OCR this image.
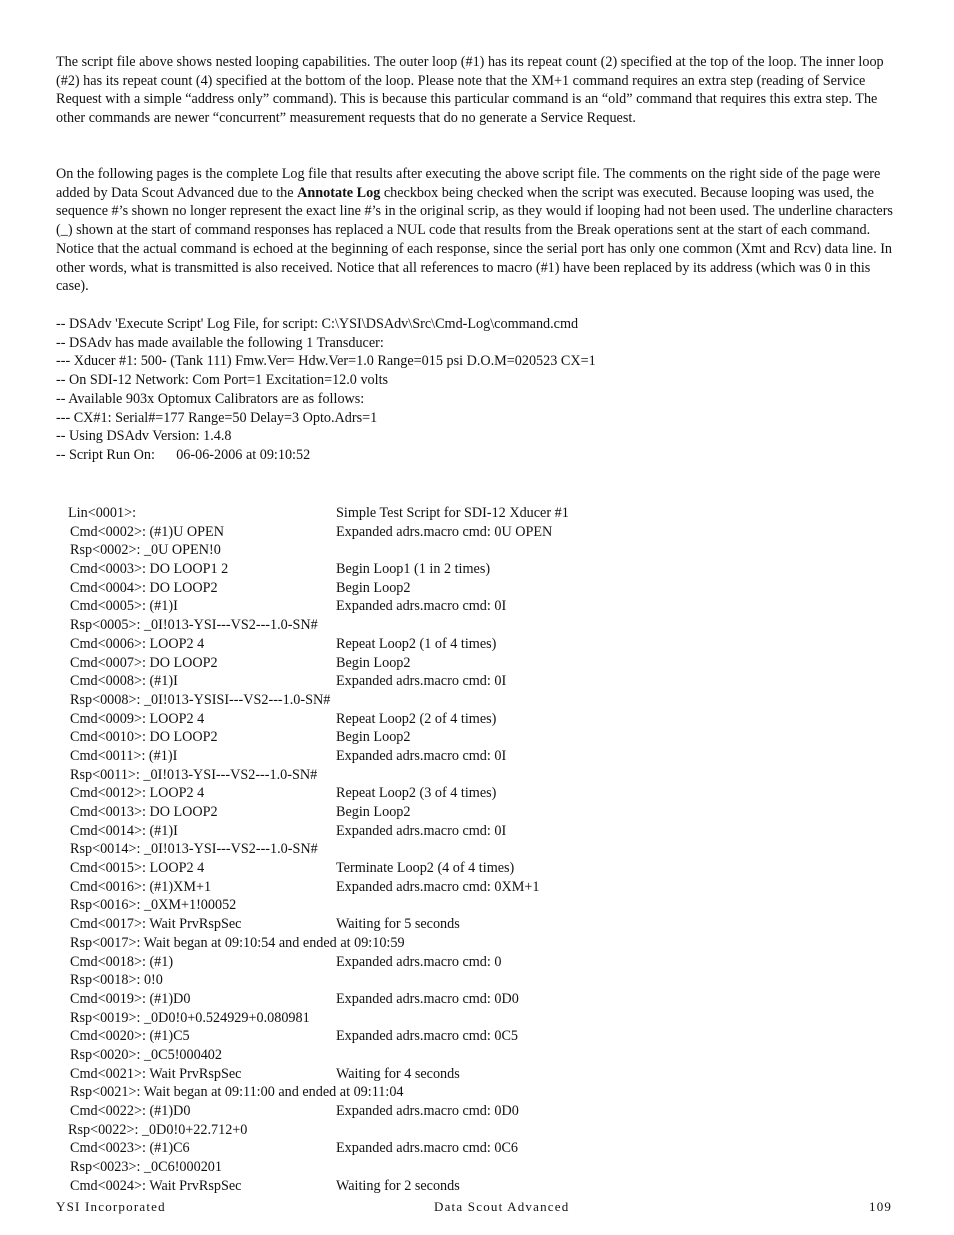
The script file above shows nested looping capabilities. The outer loop (#1) has its repeat count (2) specified at the top of the loop. The inner loop (#2) has its repeat count (4) specified at the bottom of the loop. Please note that the XM+1 command requires an extra step (reading of Service Request with a simple “address only” command). This is because this particular command is an “old” command that requires this extra step. The other commands are newer “concurrent” measurement requests that do no generate a Service Request.

On the following pages is the complete Log file that results after executing the above script file. The comments on the right side of the page were added by Data Scout Advanced due to the Annotate Log checkbox being checked when the script was executed. Because looping was used, the sequence #’s shown no longer represent the exact line #’s in the original scrip, as they would if looping had not been used. The underline characters (_) shown at the start of command responses has replaced a NUL code that results from the Break operations sent at the start of each command. Notice that the actual command is echoed at the beginning of each response, since the serial port has only one common (Xmt and Rcv) data line. In other words, what is transmitted is also received. Notice that all references to macro (#1) have been replaced by its address (which was 0 in this case).

-- DSAdv 'Execute Script' Log File, for script: C:\YSI\DSAdv\Src\Cmd-Log\command.cmd
-- DSAdv has made available the following 1 Transducer:
--- Xducer #1: 500- (Tank 111) Fmw.Ver= Hdw.Ver=1.0 Range=015 psi D.O.M=020523 CX=1
-- On SDI-12 Network: Com Port=1 Excitation=12.0 volts
-- Available 903x Optomux Calibrators are as follows:
--- CX#1: Serial#=177 Range=50 Delay=3 Opto.Adrs=1
-- Using DSAdv Version: 1.4.8
-- Script Run On:      06-06-2006 at 09:10:52
Lin<0001>:	Simple Test Script for SDI-12 Xducer #1
Cmd<0002>: (#1)U OPEN	Expanded adrs.macro cmd: 0U OPEN
Rsp<0002>: _0U OPEN!0
Cmd<0003>: DO LOOP1 2	Begin Loop1 (1 in 2 times)
Cmd<0004>: DO LOOP2	Begin Loop2
Cmd<0005>: (#1)I	Expanded adrs.macro cmd: 0I
Rsp<0005>: _0I!013-YSI---VS2---1.0-SN#
Cmd<0006>: LOOP2 4	Repeat Loop2 (1 of 4 times)
Cmd<0007>: DO LOOP2	Begin Loop2
Cmd<0008>: (#1)I	Expanded adrs.macro cmd: 0I
Rsp<0008>: _0I!013-YSISI---VS2---1.0-SN#
Cmd<0009>: LOOP2 4	Repeat Loop2 (2 of 4 times)
Cmd<0010>: DO LOOP2	Begin Loop2
Cmd<0011>: (#1)I	Expanded adrs.macro cmd: 0I
Rsp<0011>: _0I!013-YSI---VS2---1.0-SN#
Cmd<0012>: LOOP2 4	Repeat Loop2 (3 of 4 times)
Cmd<0013>: DO LOOP2	Begin Loop2
Cmd<0014>: (#1)I	Expanded adrs.macro cmd: 0I
Rsp<0014>: _0I!013-YSI---VS2---1.0-SN#
Cmd<0015>: LOOP2 4	Terminate Loop2 (4 of 4 times)
Cmd<0016>: (#1)XM+1	Expanded adrs.macro cmd: 0XM+1
Rsp<0016>: _0XM+1!00052
Cmd<0017>: Wait PrvRspSec	Waiting for 5 seconds
Rsp<0017>: Wait began at 09:10:54 and ended at 09:10:59
Cmd<0018>: (#1)	Expanded adrs.macro cmd: 0
Rsp<0018>: 0!0
Cmd<0019>: (#1)D0	Expanded adrs.macro cmd: 0D0
Rsp<0019>: _0D0!0+0.524929+0.080981
Cmd<0020>: (#1)C5	Expanded adrs.macro cmd: 0C5
Rsp<0020>: _0C5!000402
Cmd<0021>: Wait PrvRspSec	Waiting for 4 seconds
Rsp<0021>: Wait began at 09:11:00 and ended at 09:11:04
Cmd<0022>: (#1)D0	Expanded adrs.macro cmd: 0D0
Rsp<0022>: _0D0!0+22.712+0
Cmd<0023>: (#1)C6	Expanded adrs.macro cmd: 0C6
Rsp<0023>: _0C6!000201
Cmd<0024>: Wait PrvRspSec	Waiting for 2 seconds
YSI Incorporated	Data Scout Advanced	109
